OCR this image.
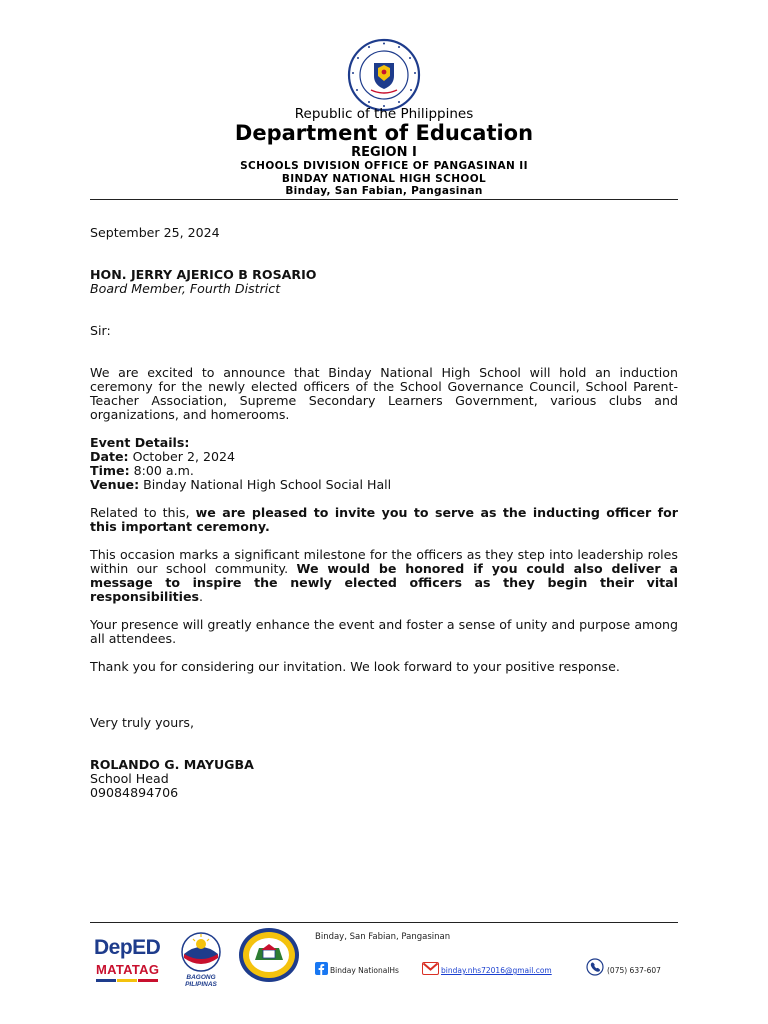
Republic of the Philippines
Department of Education
REGION I
SCHOOLS DIVISION OFFICE OF PANGASINAN II
BINDAY NATIONAL HIGH SCHOOL
Binday, San Fabian, Pangasinan
September 25, 2024
HON. JERRY AJERICO B ROSARIO
Board Member, Fourth District
Sir:
We are excited to announce that Binday National High School will hold an induction ceremony for the newly elected officers of the School Governance Council, School Parent-Teacher Association, Supreme Secondary Learners Government, various clubs and organizations, and homerooms.
Event Details:
Date: October 2, 2024
Time: 8:00 a.m.
Venue: Binday National High School Social Hall
Related to this, we are pleased to invite you to serve as the inducting officer for this important ceremony.
This occasion marks a significant milestone for the officers as they step into leadership roles within our school community. We would be honored if you could also deliver a message to inspire the newly elected officers as they begin their vital responsibilities.
Your presence will greatly enhance the event and foster a sense of unity and purpose among all attendees.
Thank you for considering our invitation. We look forward to your positive response.
Very truly yours,
ROLANDO G. MAYUGBA
School Head
09084894706
DepED
MATATAG
BAGONG PILIPINAS
Binday, San Fabian, Pangasinan
Binday NationalHs	binday.nhs72016@gmail.com	(075) 637-607
